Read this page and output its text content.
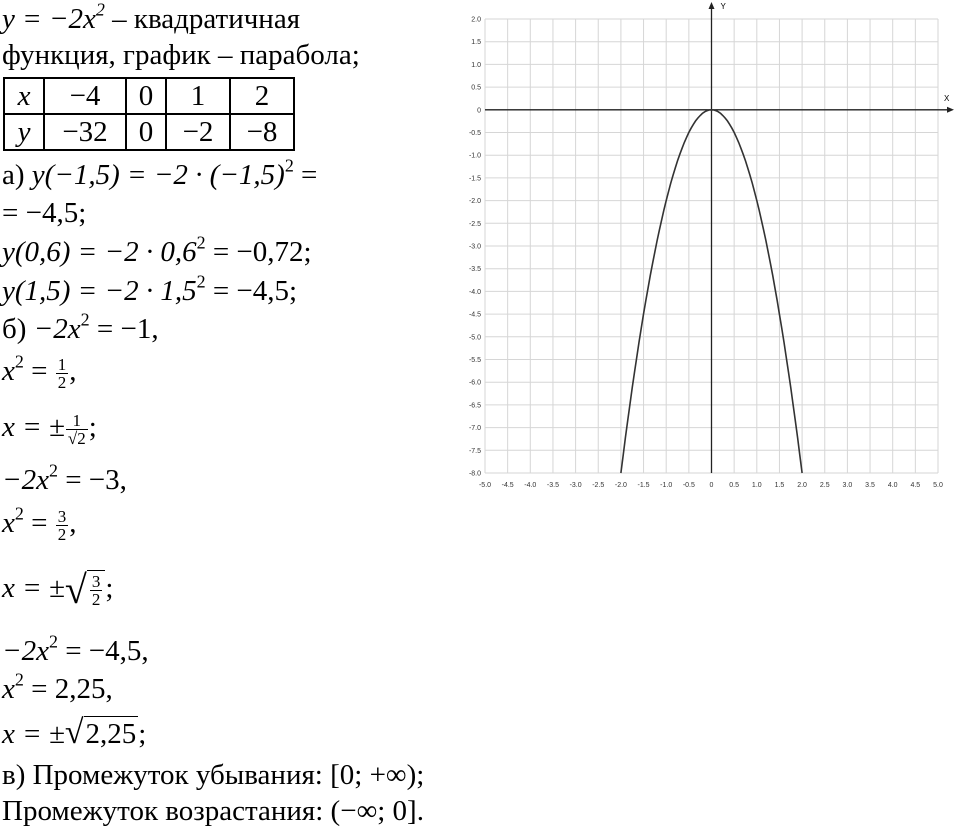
$y = -2x^2$ – квадратичная
функция, график – парабола;
x	−4	0	1	2
y	−32	0	−2	−8
а) $y(-1,5) = -2 \cdot (-1,5)^2$ =
= −4,5;
$y(0,6) = -2 \cdot 0,6^2 = -0,72$;
$y(1,5) = -2 \cdot 1,5^2 = -4,5$;
$б) -2x^2 = -1$,
$x^2 = \frac{1}{2}$ ,
x = ± $\frac{1}{√2}$ ;
$-2x^2 = -3$,
$x^2 = \frac{3}{2}$ ,
x = ±√ $\frac{3}{2}$ ;
$-2x^2 = -4,5$,
$x^2 = 2,25$,
x = ±√2,25;
в) Промежуток убывания: [0; +∞);
Промежуток возрастания: (−∞; 0].
-5.0 -4.5 -4.0 -3.5 -3.0 -2.5 -2.0 -1.5 -1.0 -0.5 0 0.5 1.0 1.5 2.0 2.5 3.0 3.5 4.0 4.5 5.0
2.0
1.5
1.0
0.5
0
-0.5
-1.0
-1.5
-2.0
-2.5
-3.0
-3.5
-4.0
-4.5
-5.0
-5.5
-6.0
-6.5
-7.0
-7.5
-8.0
X
Y
